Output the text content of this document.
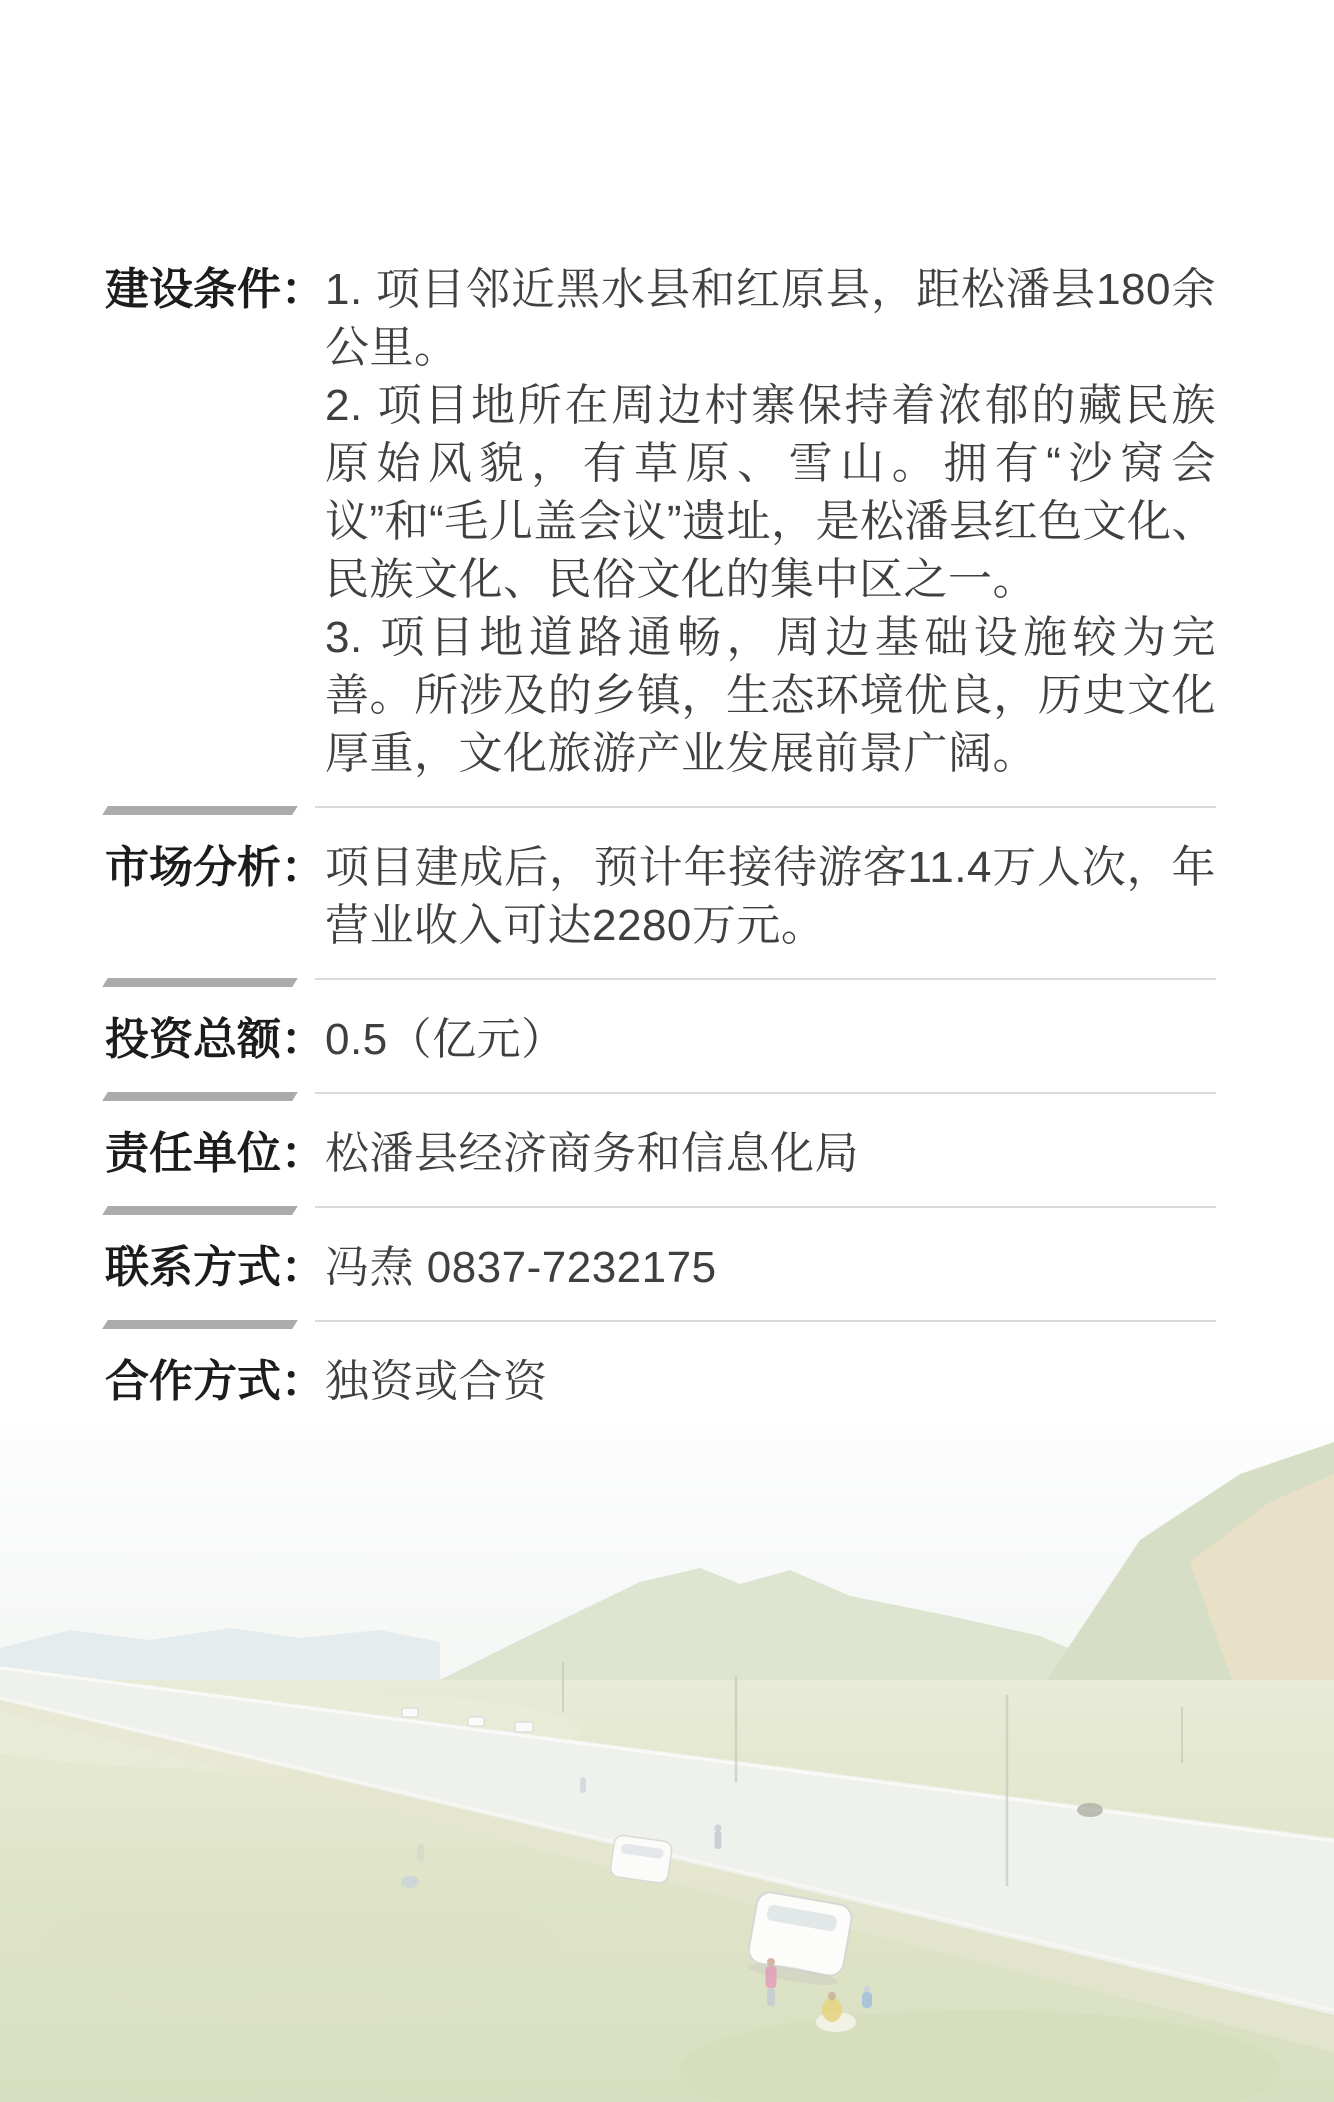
建设条件： 1. 项目邻近黑水县和红原县，距松潘县180余公里。

2. 项目地所在周边村寨保持着浓郁的藏民族原始风貌，有草原、雪山。拥有“沙窝会议”和“毛儿盖会议”遗址，是松潘县红色文化、民族文化、民俗文化的集中区之一。

3. 项目地道路通畅，周边基础设施较为完善。所涉及的乡镇，生态环境优良，历史文化厚重，文化旅游产业发展前景广阔。

市场分析： 项目建成后，预计年接待游客11.4万人次，年营业收入可达2280万元。
投资总额： 0.5（亿元）
责任单位： 松潘县经济商务和信息化局
联系方式： 冯焘 0837-7232175
合作方式： 独资或合资
